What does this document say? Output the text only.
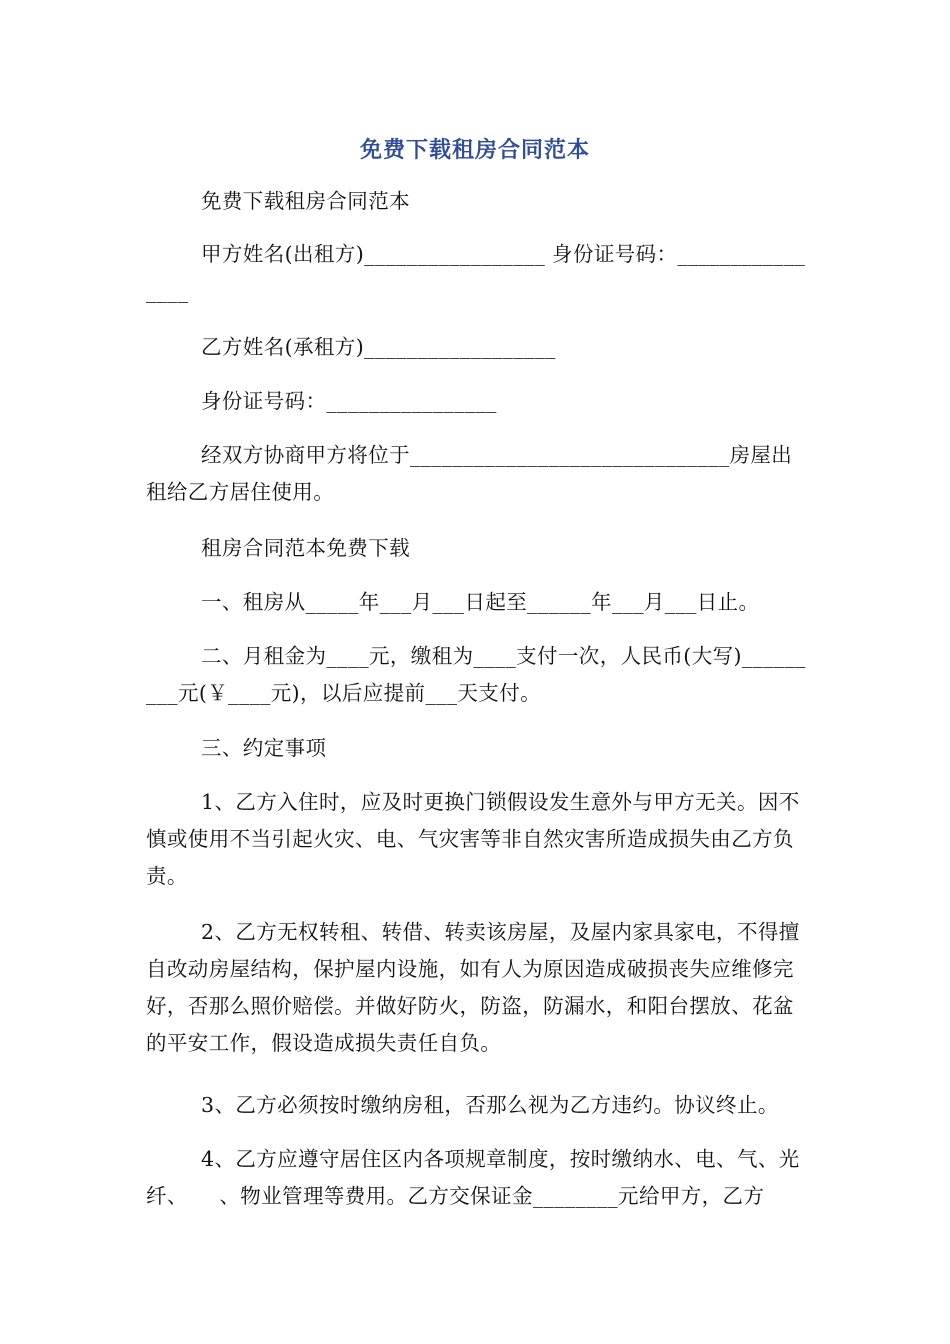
免费下载租房合同范本
免费下载租房合同范本
甲方姓名(出租方)_________________ 身份证号码：________________
乙方姓名(承租方)__________________
身份证号码：________________
经双方协商甲方将位于______________________________房屋出租给乙方居住使用。
租房合同范本免费下载
一、租房从_____年___月___日起至______年___月___日止。
二、月租金为____元，缴租为____支付一次，人民币(大写)_________元(￥____元)，以后应提前___天支付。
三、约定事项
1、乙方入住时，应及时更换门锁假设发生意外与甲方无关。因不慎或使用不当引起火灾、电、气灾害等非自然灾害所造成损失由乙方负责。
2、乙方无权转租、转借、转卖该房屋，及屋内家具家电，不得擅自改动房屋结构，保护屋内设施，如有人为原因造成破损丧失应维修完好，否那么照价赔偿。并做好防火，防盗，防漏水，和阳台摆放、花盆的平安工作，假设造成损失责任自负。
3、乙方必须按时缴纳房租，否那么视为乙方违约。协议终止。
4、乙方应遵守居住区内各项规章制度，按时缴纳水、电、气、光纤、　　、物业管理等费用。乙方交保证金________元给甲方，乙方
